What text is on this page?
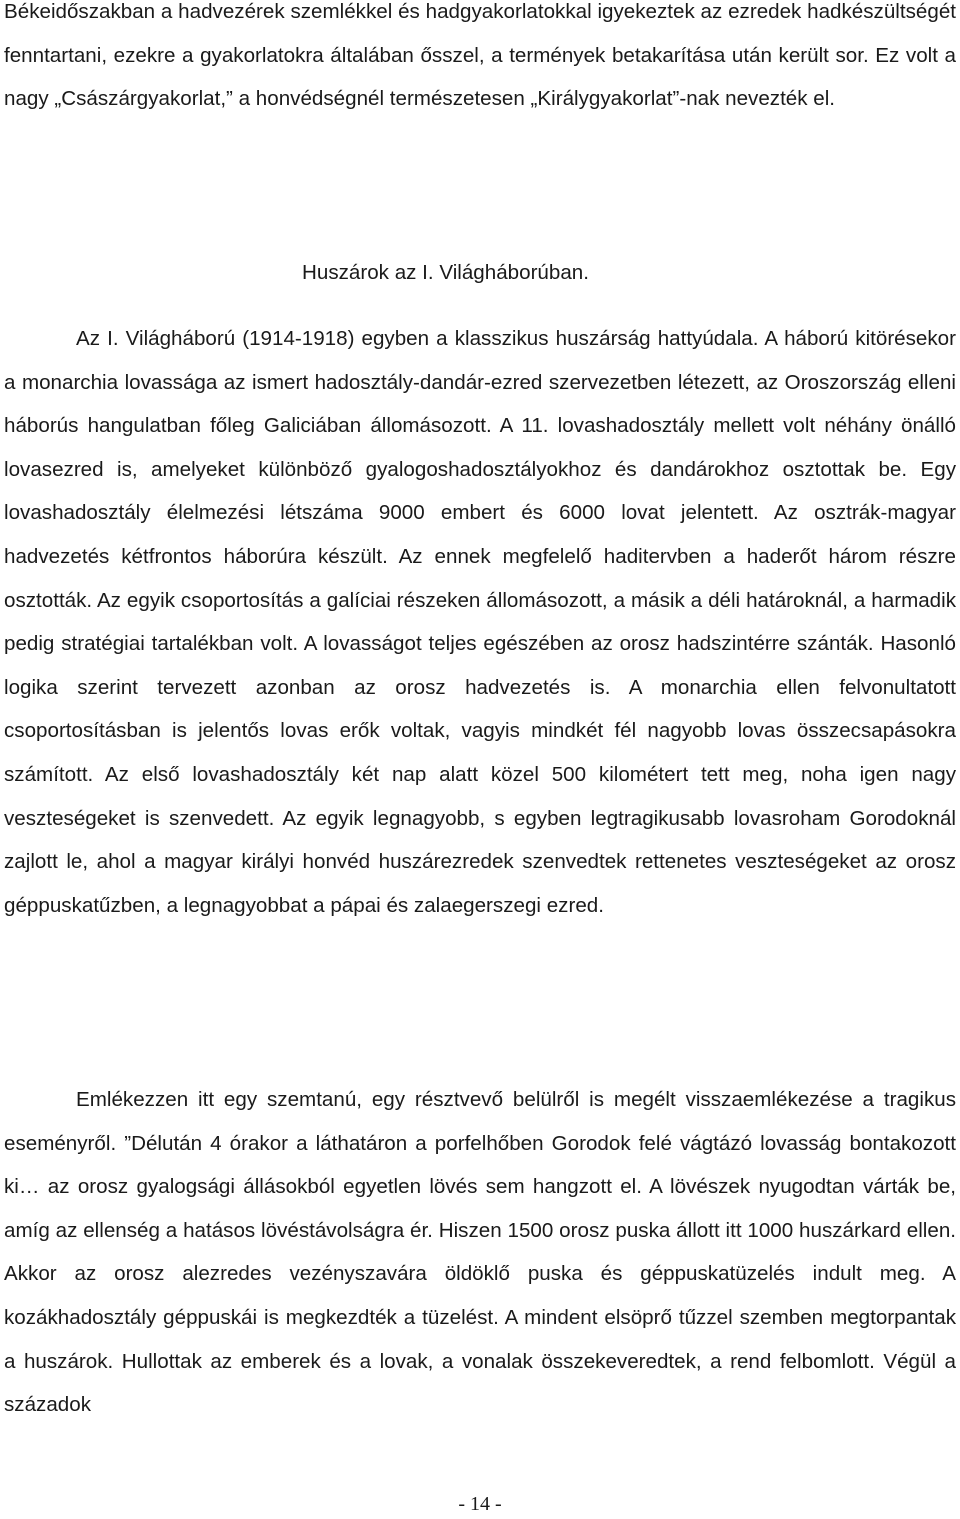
Békeidőszakban a hadvezérek szemlékkel és hadgyakorlatokkal igyekeztek az ezredek hadkészültségét fenntartani, ezekre a gyakorlatokra általában ősszel, a termények betakarítása után került sor. Ez volt a nagy „Császárgyakorlat,” a honvédségnél természetesen „Királygyakorlat”-nak nevezték el.

Huszárok az I. Világháborúban.

Az I. Világháború (1914-1918) egyben a klasszikus huszárság hattyúdala. A háború kitörésekor a monarchia lovassága az ismert hadosztály-dandár-ezred szervezetben létezett, az Oroszország elleni háborús hangulatban főleg Galiciában állomásozott. A 11. lovashadosztály mellett volt néhány önálló lovasezred is, amelyeket különböző gyalogoshadosztályokhoz és dandárokhoz osztottak be. Egy lovashadosztály élelmezési létszáma 9000 embert és 6000 lovat jelentett. Az osztrák-magyar hadvezetés kétfrontos háborúra készült. Az ennek megfelelő haditervben a haderőt három részre osztották. Az egyik csoportosítás a galíciai részeken állomásozott, a másik a déli határoknál, a harmadik pedig stratégiai tartalékban volt. A lovasságot teljes egészében az orosz hadszintérre szánták. Hasonló logika szerint tervezett azonban az orosz hadvezetés is. A monarchia ellen felvonultatott csoportosításban is jelentős lovas erők voltak, vagyis mindkét fél nagyobb lovas összecsapásokra számított. Az első lovashadosztály két nap alatt közel 500 kilométert tett meg, noha igen nagy veszteségeket is szenvedett. Az egyik legnagyobb, s egyben legtragikusabb lovasroham Gorodoknál zajlott le, ahol a magyar királyi honvéd huszárezredek szenvedtek rettenetes veszteségeket az orosz géppuskatűzben, a legnagyobbat a pápai és zalaegerszegi ezred.

Emlékezzen itt egy szemtanú, egy résztvevő belülről is megélt visszaemlékezése a tragikus eseményről. ”Délután 4 órakor a láthatáron a porfelhőben Gorodok felé vágtázó lovasság bontakozott ki… az orosz gyalogsági állásokból egyetlen lövés sem hangzott el. A lövészek nyugodtan várták be, amíg az ellenség a hatásos lövéstávolságra ér. Hiszen 1500 orosz puska állott itt 1000 huszárkard ellen. Akkor az orosz alezredes vezényszavára öldöklő puska és géppuskatüzelés indult meg. A kozákhadosztály géppuskái is megkezdték a tüzelést. A mindent elsöprő tűzzel szemben megtorpantak a huszárok. Hullottak az emberek és a lovak, a vonalak összekeveredtek, a rend felbomlott. Végül a századok

- 14 -
